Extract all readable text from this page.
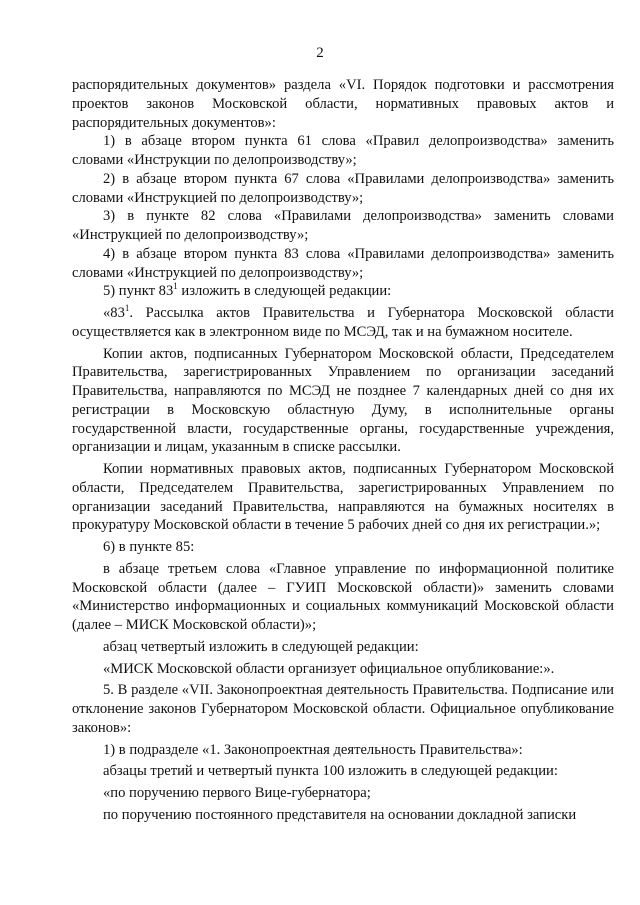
2

распорядительных документов» раздела «VI. Порядок подготовки и рассмотрения проектов законов Московской области, нормативных правовых актов и распорядительных документов»:

1) в абзаце втором пункта 61 слова «Правил делопроизводства» заменить словами «Инструкции по делопроизводству»;

2) в абзаце втором пункта 67 слова «Правилами делопроизводства» заменить словами «Инструкцией по делопроизводству»;

3) в пункте 82 слова «Правилами делопроизводства» заменить словами «Инструкцией по делопроизводству»;

4) в абзаце втором пункта 83 слова «Правилами делопроизводства» заменить словами «Инструкцией по делопроизводству»;

5) пункт $83^1$ изложить в следующей редакции:

«$83^1$. Рассылка актов Правительства и Губернатора Московской области осуществляется как в электронном виде по МСЭД, так и на бумажном носителе.

Копии актов, подписанных Губернатором Московской области, Председателем Правительства, зарегистрированных Управлением по организации заседаний Правительства, направляются по МСЭД не позднее 7 календарных дней со дня их регистрации в Московскую областную Думу, в исполнительные органы государственной власти, государственные органы, государственные учреждения, организации и лицам, указанным в списке рассылки.

Копии нормативных правовых актов, подписанных Губернатором Московской области, Председателем Правительства, зарегистрированных Управлением по организации заседаний Правительства, направляются на бумажных носителях в прокуратуру Московской области в течение 5 рабочих дней со дня их регистрации.»;

6) в пункте 85:

в абзаце третьем слова «Главное управление по информационной политике Московской области (далее – ГУИП Московской области)» заменить словами «Министерство информационных и социальных коммуникаций Московской области (далее – МИСК Московской области)»;

абзац четвертый изложить в следующей редакции:

«МИСК Московской области организует официальное опубликование:».

5. В разделе «VII. Законопроектная деятельность Правительства. Подписание или отклонение законов Губернатором Московской области. Официальное опубликование законов»:

1) в подразделе «1. Законопроектная деятельность Правительства»:

абзацы третий и четвертый пункта 100 изложить в следующей редакции:

«по поручению первого Вице-губернатора;

по поручению постоянного представителя на основании докладной записки
